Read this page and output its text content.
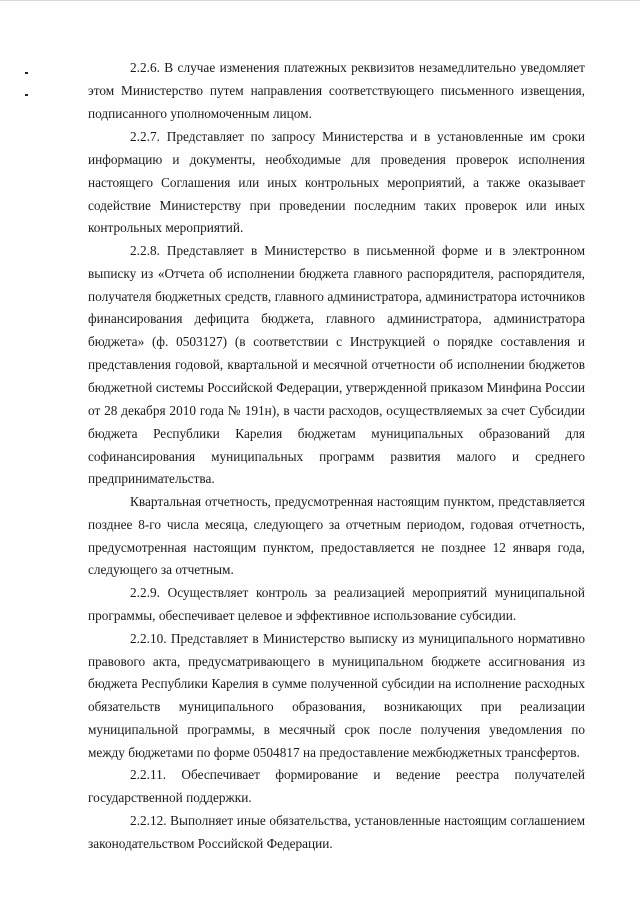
2.2.6. В случае изменения платежных реквизитов незамедлительно уведомляет
этом Министерство путем направления соответствующего письменного извещения,
подписанного уполномоченным лицом.
2.2.7. Представляет по запросу Министерства и в установленные им сроки
информацию и документы, необходимые для проведения проверок исполнения
настоящего Соглашения или иных контрольных мероприятий, а также оказывает
содействие Министерству при проведении последним таких проверок или иных
контрольных мероприятий.
2.2.8. Представляет в Министерство в письменной форме и в электронном
выписку из «Отчета об исполнении бюджета главного распорядителя, распорядителя,
получателя бюджетных средств, главного администратора, администратора источников
финансирования дефицита бюджета, главного администратора, администратора
бюджета» (ф. 0503127) (в соответствии с Инструкцией о порядке составления и
представления годовой, квартальной и месячной отчетности об исполнении бюджетов
бюджетной системы Российской Федерации, утвержденной приказом Минфина России
от 28 декабря 2010 года № 191н), в части расходов, осуществляемых за счет Субсидии
бюджета Республики Карелия бюджетам муниципальных образований для
софинансирования муниципальных программ развития малого и среднего
предпринимательства.
Квартальная отчетность, предусмотренная настоящим пунктом, представляется
позднее 8-го числа месяца, следующего за отчетным периодом, годовая отчетность,
предусмотренная настоящим пунктом, предоставляется не позднее 12 января года,
следующего за отчетным.
2.2.9. Осуществляет контроль за реализацией мероприятий муниципальной
программы, обеспечивает целевое и эффективное использование субсидии.
2.2.10. Представляет в Министерство выписку из муниципального нормативно
правового акта, предусматривающего в муниципальном бюджете ассигнования из
бюджета Республики Карелия в сумме полученной субсидии на исполнение расходных
обязательств муниципального образования, возникающих при реализации
муниципальной программы, в месячный срок после получения уведомления по
между бюджетами по форме 0504817 на предоставление межбюджетных трансфертов.
2.2.11. Обеспечивает формирование и ведение реестра получателей
государственной поддержки.
2.2.12. Выполняет иные обязательства, установленные настоящим соглашением
законодательством Российской Федерации.
